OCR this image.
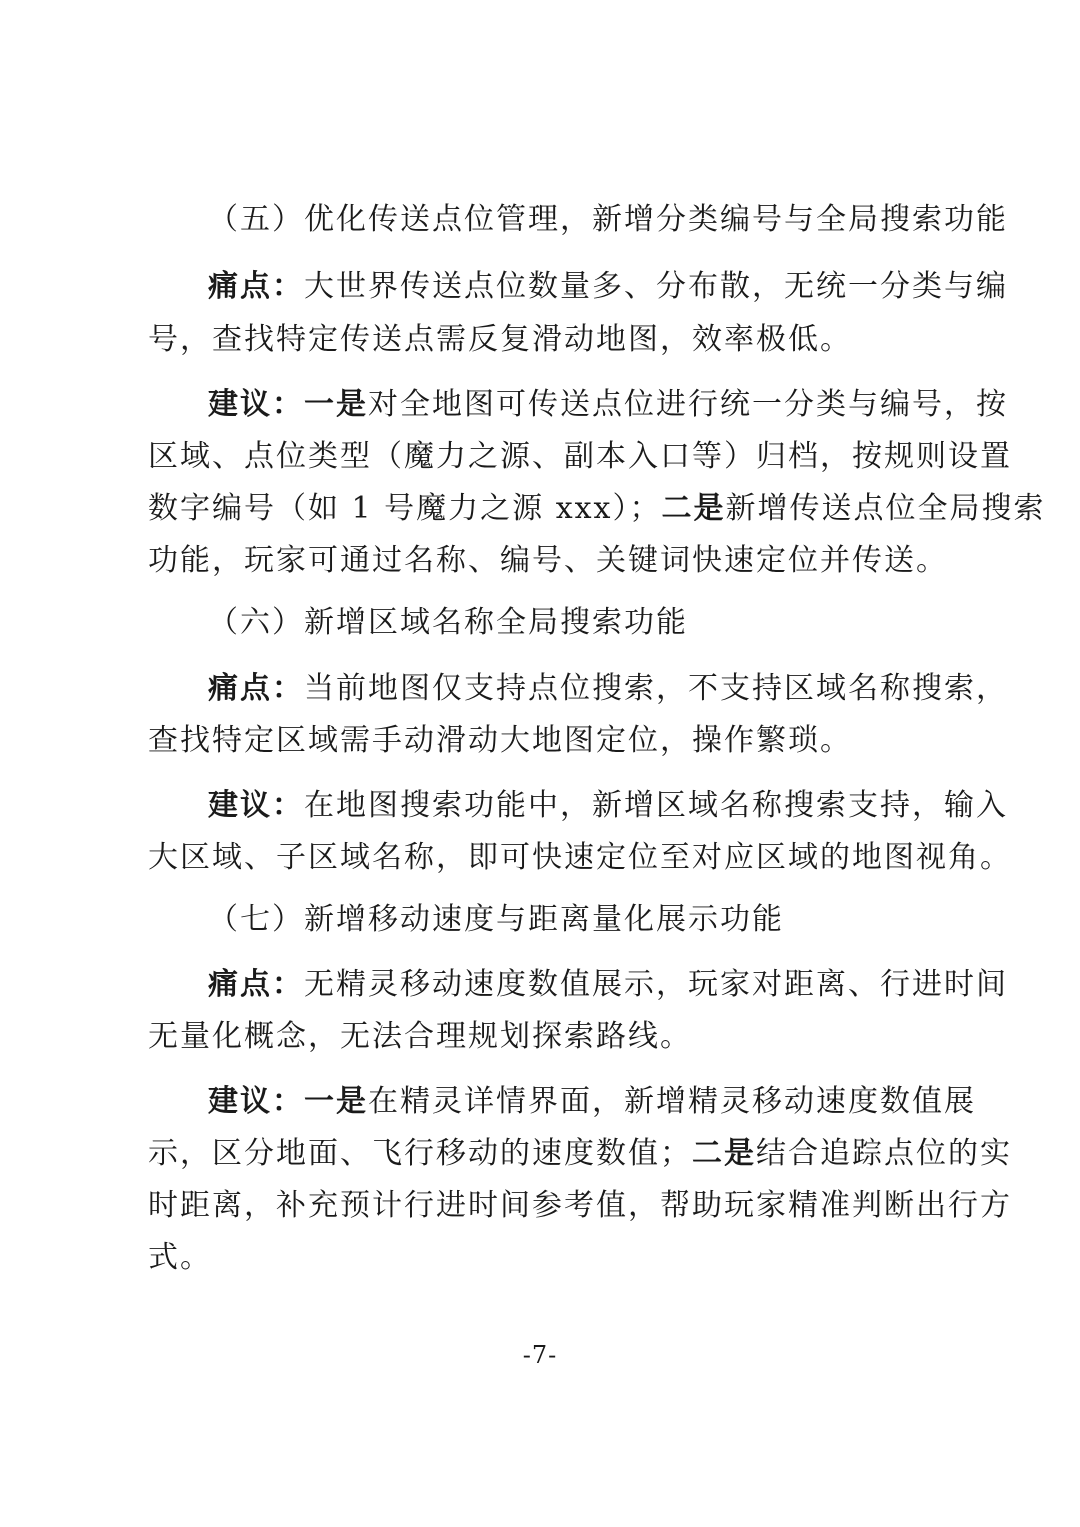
（五）优化传送点位管理，新增分类编号与全局搜索功能
痛点：大世界传送点位数量多、分布散，无统一分类与编
号，查找特定传送点需反复滑动地图，效率极低。
建议：一是对全地图可传送点位进行统一分类与编号，按
区域、点位类型（魔力之源、副本入口等）归档，按规则设置
数字编号（如 1 号魔力之源 xxx）；二是新增传送点位全局搜索
功能，玩家可通过名称、编号、关键词快速定位并传送。
（六）新增区域名称全局搜索功能
痛点：当前地图仅支持点位搜索，不支持区域名称搜索，
查找特定区域需手动滑动大地图定位，操作繁琐。
建议：在地图搜索功能中，新增区域名称搜索支持，输入
大区域、子区域名称，即可快速定位至对应区域的地图视角。
（七）新增移动速度与距离量化展示功能
痛点：无精灵移动速度数值展示，玩家对距离、行进时间
无量化概念，无法合理规划探索路线。
建议：一是在精灵详情界面，新增精灵移动速度数值展
示，区分地面、飞行移动的速度数值；二是结合追踪点位的实
时距离，补充预计行进时间参考值，帮助玩家精准判断出行方
式。
-7-
